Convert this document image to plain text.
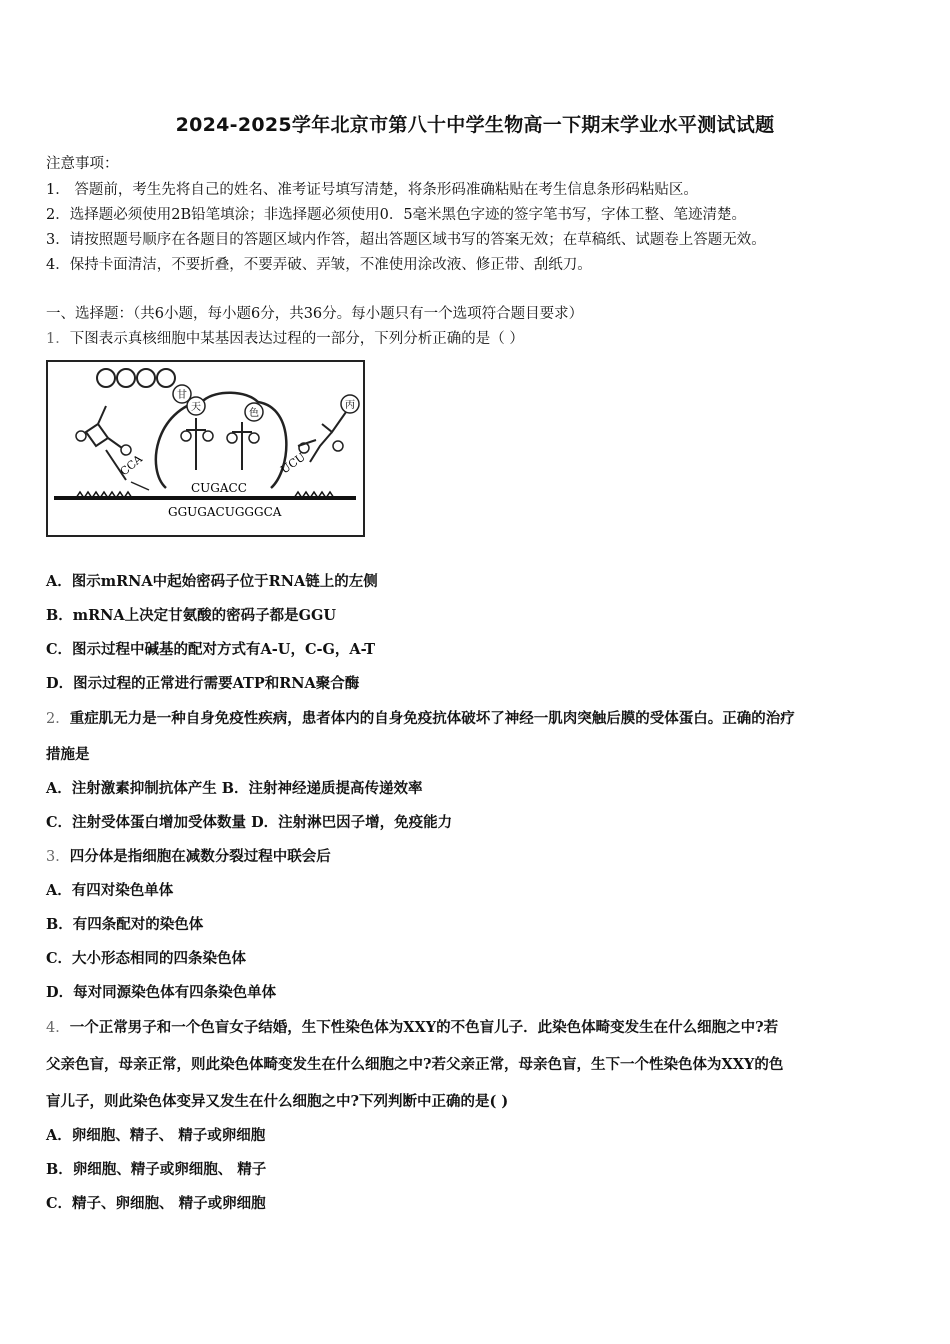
2024-2025学年北京市第八十中学生物高一下期末学业水平测试试题
注意事项：
1． 答题前，考生先将自己的姓名、准考证号填写清楚，将条形码准确粘贴在考生信息条形码粘贴区。
2．选择题必须使用2B铅笔填涂；非选择题必须使用0．5毫米黑色字迹的签字笔书写，字体工整、笔迹清楚。
3．请按照题号顺序在各题目的答题区域内作答，超出答题区域书写的答案无效；在草稿纸、试题卷上答题无效。
4．保持卡面清洁，不要折叠，不要弄破、弄皱，不准使用涂改液、修正带、刮纸刀。
一、选择题：（共6小题，每小题6分，共36分。每小题只有一个选项符合题目要求）
1．下图表示真核细胞中某基因表达过程的一部分，下列分析正确的是（ ）
甘
天
色
丙
CCA	UCU
CUGACC
GGUGACUGGGCA
A．图示mRNA中起始密码子位于RNA链上的左侧
B．mRNA上决定甘氨酸的密码子都是GGU
C．图示过程中碱基的配对方式有A-U，C-G，A-T
D．图示过程的正常进行需要ATP和RNA聚合酶
2．重症肌无力是一种自身免疫性疾病，患者体内的自身免疫抗体破坏了神经一肌肉突触后膜的受体蛋白。正确的治疗
措施是
A．注射激素抑制抗体产生 B．注射神经递质提高传递效率
C．注射受体蛋白增加受体数量 D．注射淋巴因子增，免疫能力
3．四分体是指细胞在减数分裂过程中联会后
A．有四对染色单体
B．有四条配对的染色体
C．大小形态相同的四条染色体
D．每对同源染色体有四条染色单体
4．一个正常男子和一个色盲女子结婚，生下性染色体为XXY的不色盲儿子．此染色体畸变发生在什么细胞之中?若
父亲色盲，母亲正常，则此染色体畸变发生在什么细胞之中?若父亲正常，母亲色盲，生下一个性染色体为XXY的色
盲儿子，则此染色体变异又发生在什么细胞之中?下列判断中正确的是( )
A．卵细胞、精子、 精子或卵细胞
B．卵细胞、精子或卵细胞、 精子
C．精子、卵细胞、 精子或卵细胞
